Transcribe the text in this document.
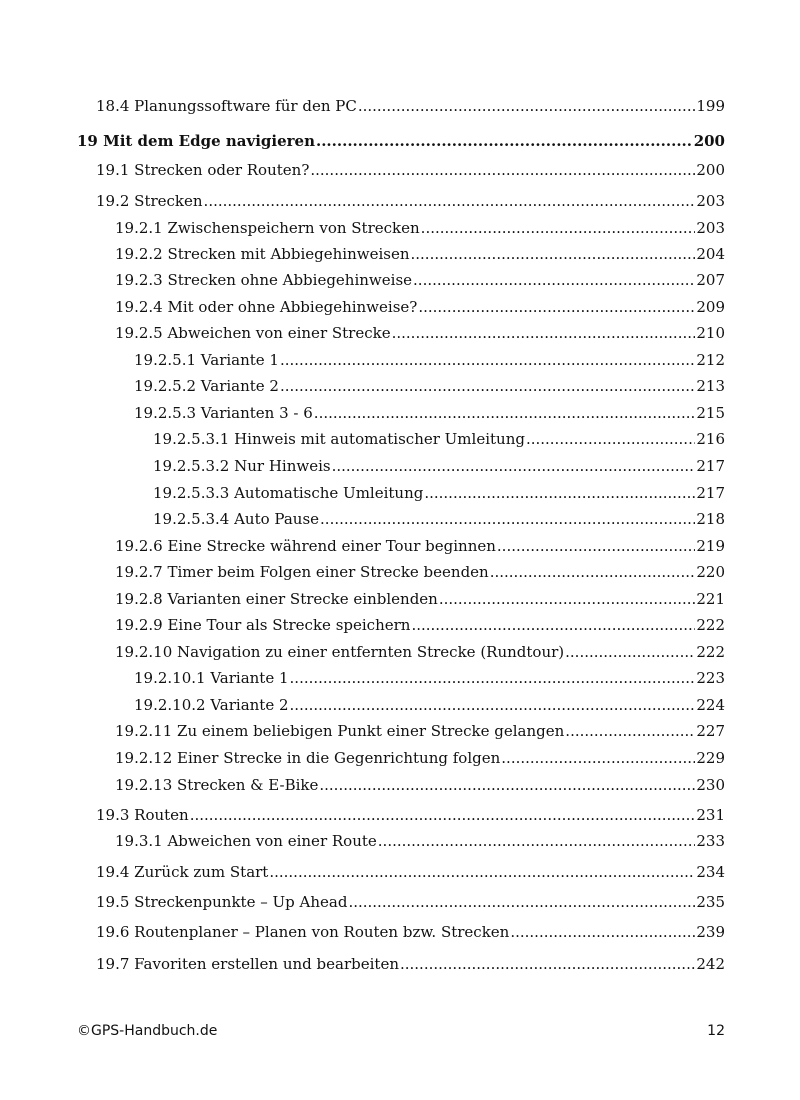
18.4 Planungssoftware für den PC .....	199
19 Mit dem Edge navigieren .....	200
19.1 Strecken oder Routen? .....	200
19.2 Strecken .....	203
19.2.1 Zwischenspeichern von Strecken .....	203
19.2.2 Strecken mit Abbiegehinweisen .....	204
19.2.3 Strecken ohne Abbiegehinweise .....	207
19.2.4 Mit oder ohne Abbiegehinweise? .....	209
19.2.5 Abweichen von einer Strecke .....	210
19.2.5.1 Variante 1 .....	212
19.2.5.2 Variante 2 .....	213
19.2.5.3 Varianten 3 - 6 .....	215
19.2.5.3.1 Hinweis mit automatischer Umleitung .....	216
19.2.5.3.2 Nur Hinweis .....	217
19.2.5.3.3 Automatische Umleitung .....	217
19.2.5.3.4 Auto Pause .....	218
19.2.6 Eine Strecke während einer Tour beginnen .....	219
19.2.7 Timer beim Folgen einer Strecke beenden .....	220
19.2.8 Varianten einer Strecke einblenden .....	221
19.2.9 Eine Tour als Strecke speichern .....	222
19.2.10 Navigation zu einer entfernten Strecke (Rundtour) .....	222
19.2.10.1 Variante 1 .....	223
19.2.10.2 Variante 2 .....	224
19.2.11 Zu einem beliebigen Punkt einer Strecke gelangen .....	227
19.2.12 Einer Strecke in die Gegenrichtung folgen .....	229
19.2.13 Strecken & E-Bike .....	230
19.3 Routen .....	231
19.3.1 Abweichen von einer Route .....	233
19.4 Zurück zum Start .....	234
19.5 Streckenpunkte – Up Ahead .....	235
19.6 Routenplaner – Planen von Routen bzw. Strecken .....	239
19.7 Favoriten erstellen und bearbeiten .....	242
©GPS-Handbuch.de	12
